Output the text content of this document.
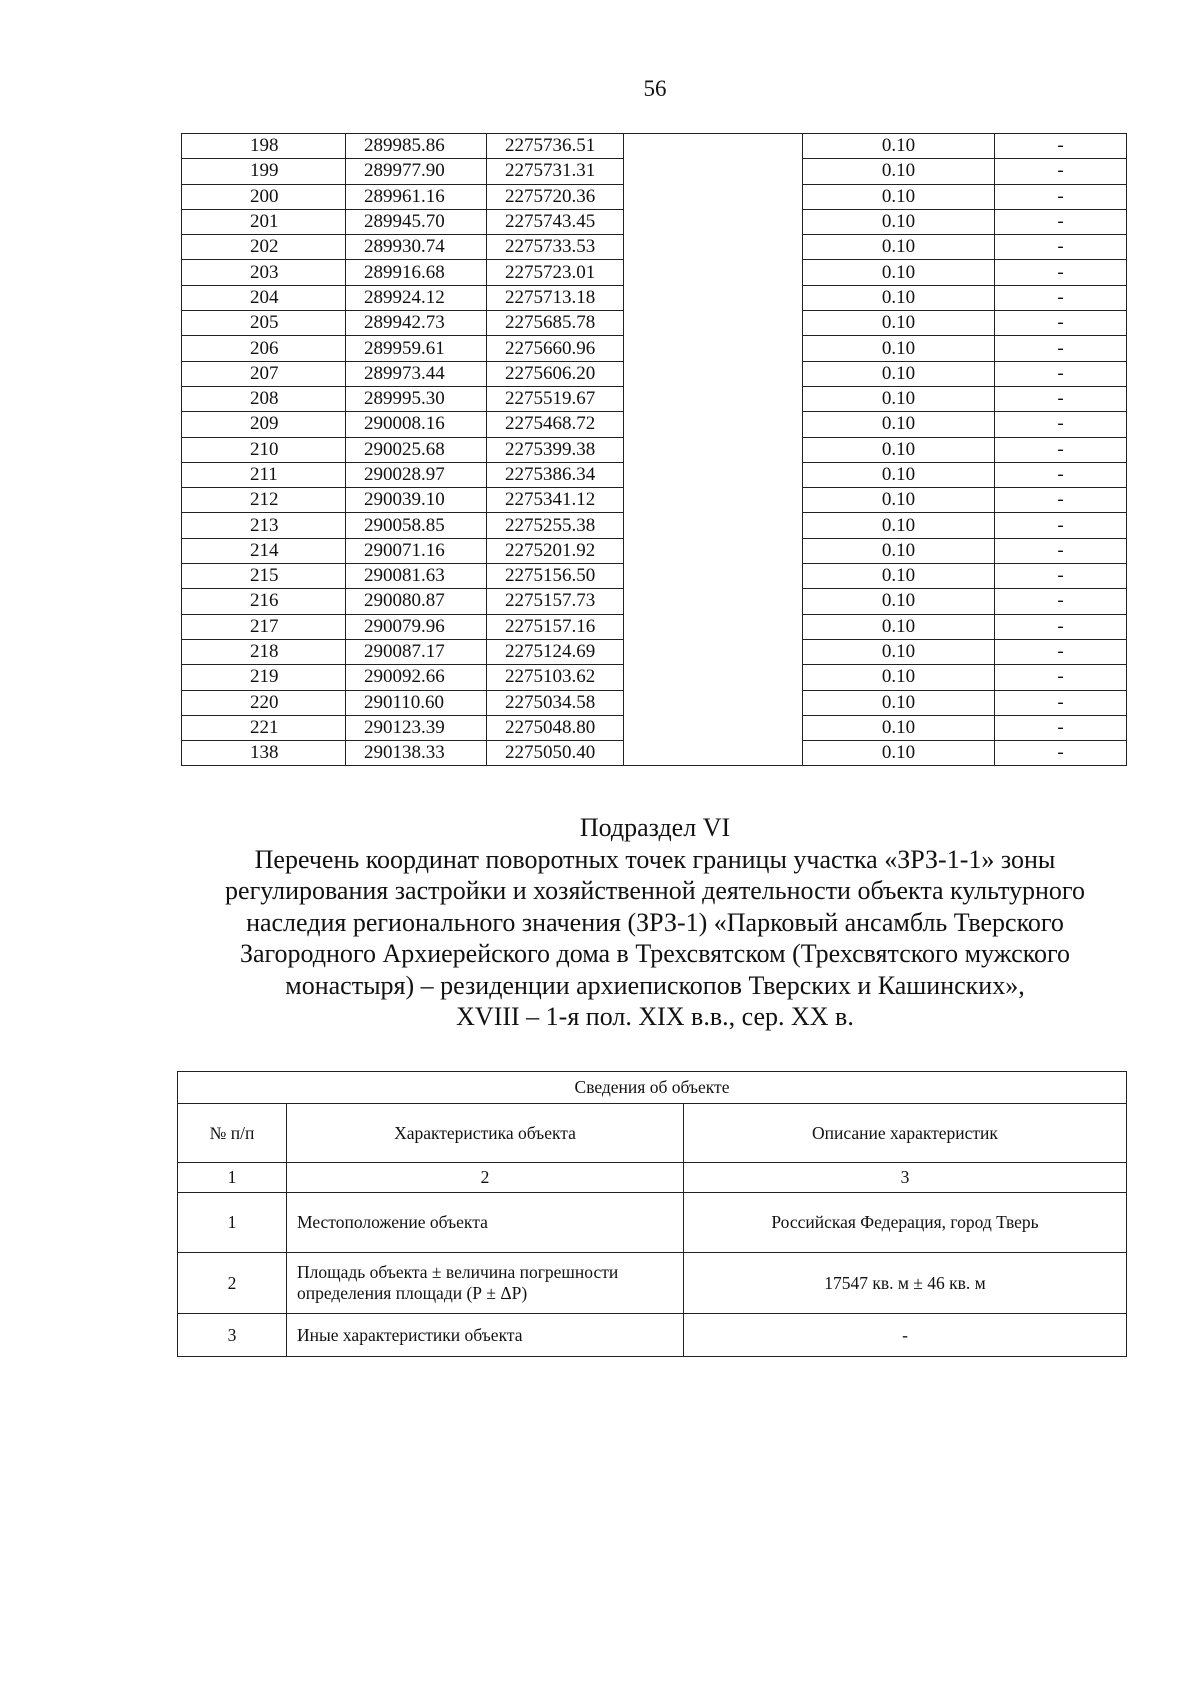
56
198	289985.86	2275736.51		0.10	-
199	289977.90	2275731.31		0.10	-
200	289961.16	2275720.36		0.10	-
201	289945.70	2275743.45		0.10	-
202	289930.74	2275733.53		0.10	-
203	289916.68	2275723.01		0.10	-
204	289924.12	2275713.18		0.10	-
205	289942.73	2275685.78		0.10	-
206	289959.61	2275660.96		0.10	-
207	289973.44	2275606.20		0.10	-
208	289995.30	2275519.67		0.10	-
209	290008.16	2275468.72		0.10	-
210	290025.68	2275399.38		0.10	-
211	290028.97	2275386.34		0.10	-
212	290039.10	2275341.12		0.10	-
213	290058.85	2275255.38		0.10	-
214	290071.16	2275201.92		0.10	-
215	290081.63	2275156.50		0.10	-
216	290080.87	2275157.73		0.10	-
217	290079.96	2275157.16		0.10	-
218	290087.17	2275124.69		0.10	-
219	290092.66	2275103.62		0.10	-
220	290110.60	2275034.58		0.10	-
221	290123.39	2275048.80		0.10	-
138	290138.33	2275050.40		0.10	-
Подраздел VI
Перечень координат поворотных точек границы участка «ЗРЗ-1-1» зоны
регулирования застройки и хозяйственной деятельности объекта культурного
наследия регионального значения (ЗРЗ-1) «Парковый ансамбль Тверского
Загородного Архиерейского дома в Трехсвятском (Трехсвятского мужского
монастыря) – резиденции архиепископов Тверских и Кашинских»,
XVIII – 1-я пол. XIX в.в., сер. XX в.
Сведения об объекте		
№ п/п	Характеристика объекта	Описание характеристик
1	2	3
1	Местоположение объекта	Российская Федерация, город Тверь
2	Площадь объекта ± величина погрешности определения площади (Р ± ΔР)	17547 кв. м ± 46 кв. м
3	Иные характеристики объекта	-
